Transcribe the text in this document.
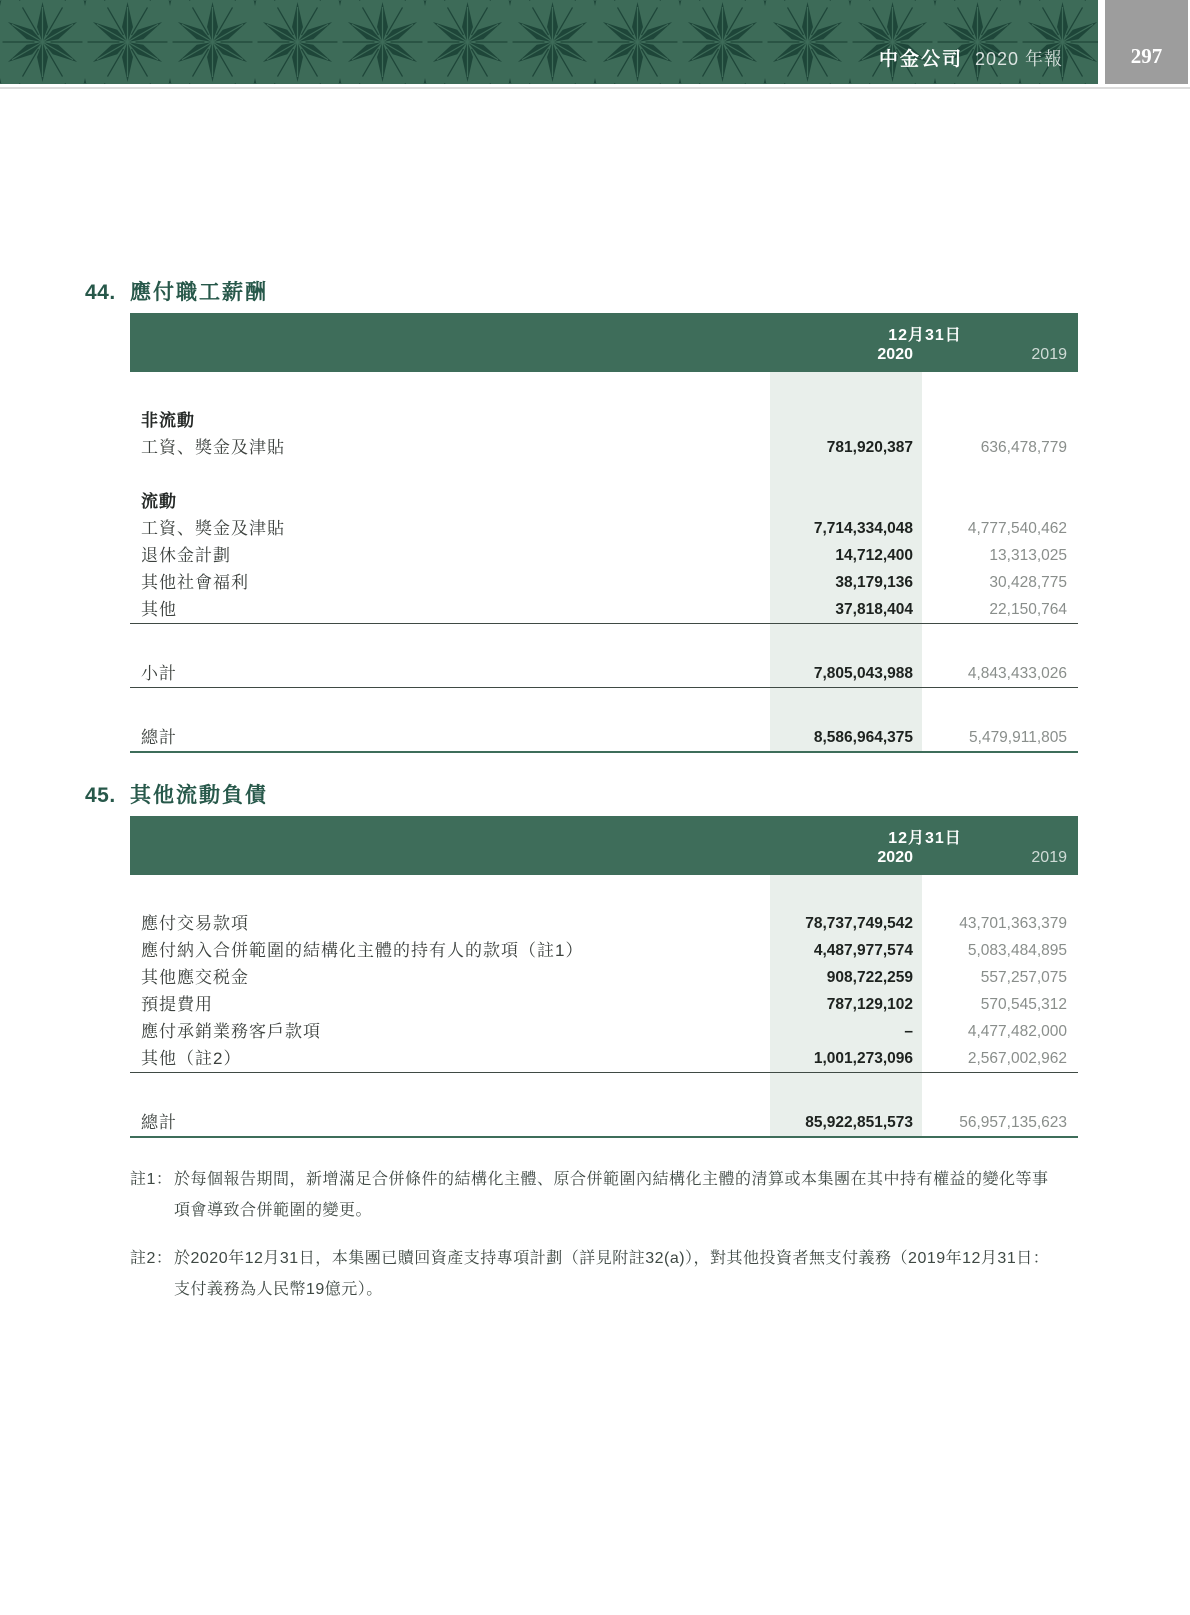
中金公司 2020 年報	297
44. 應付職工薪酬
12月31日
2020	2019
非流動
工資、獎金及津貼	781,920,387	636,478,779
流動
工資、獎金及津貼	7,714,334,048	4,777,540,462
退休金計劃	14,712,400	13,313,025
其他社會福利	38,179,136	30,428,775
其他	37,818,404	22,150,764
小計	7,805,043,988	4,843,433,026
總計	8,586,964,375	5,479,911,805
45. 其他流動負債
12月31日
2020	2019
應付交易款項	78,737,749,542	43,701,363,379
應付納入合併範圍的結構化主體的持有人的款項（註1）	4,487,977,574	5,083,484,895
其他應交税金	908,722,259	557,257,075
預提費用	787,129,102	570,545,312
應付承銷業務客戶款項	–	4,477,482,000
其他（註2）	1,001,273,096	2,567,002,962
總計	85,922,851,573	56,957,135,623
註1： 於每個報告期間，新增滿足合併條件的結構化主體、原合併範圍內結構化主體的清算或本集團在其中持有權益的變化等事項會導致合併範圍的變更。
註2： 於2020年12月31日，本集團已贖回資產支持專項計劃（詳見附註32(a)），對其他投資者無支付義務（2019年12月31日：支付義務為人民幣19億元）。
